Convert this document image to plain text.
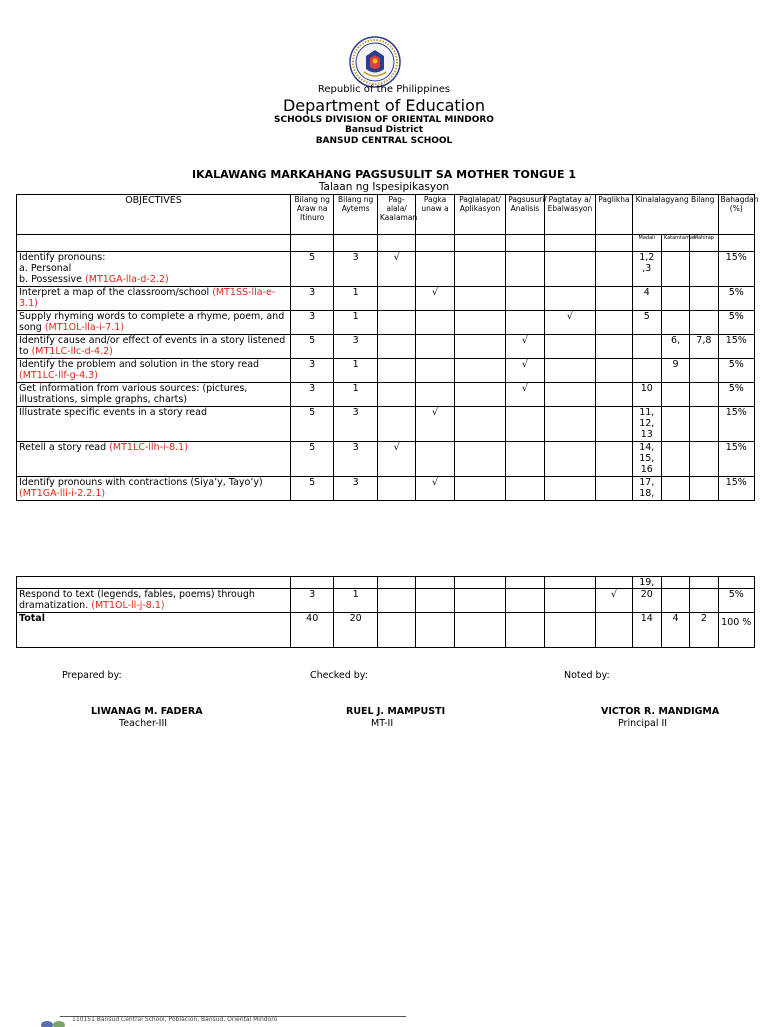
Republic of the Philippines
Department of Education
SCHOOLS DIVISION OF ORIENTAL MINDORO
Bansud District
BANSUD CENTRAL SCHOOL
IKALAWANG MARKAHANG PAGSUSULIT SA MOTHER TONGUE 1
Talaan ng Ispesipikasyon
OBJECTIVES	Bilang ng Araw na Itinuro	Bilang ng Aytems	Pag-alala/ Kaalaman	Pagka unaw a	Paglalapat/ Aplikasyon	Pagsusuri/ Analisis	Pagtatay a/ Ebalwasyon	Paglikha	Kinalalagyang Bilang			Bahagdan (%)
									Madali	Katamtaman	Mahirap	

Identify pronouns:
a. Personal
b. Possessive (MT1GA-lla-d-2.2)	5	3	√						1,2 ,3			15%
Interpret a map of the classroom/school (MT1SS-lla-e-3.1)	3	1		√					4			5%
Supply rhyming words to complete a rhyme, poem, and song (MT1OL-lla-i-7.1)	3	1					√		5			5%
Identify cause and/or effect of events in a story listened to (MT1LC-llc-d-4.2)	5	3				√				6,	7,8	15%
Identify the problem and solution in the story read (MT1LC-llf-g-4.3)	3	1				√				9		5%
Get information from various sources: (pictures, illustrations, simple graphs, charts)	3	1				√			10			5%
Illustrate specific events in a story read	5	3		√					11, 12, 13			15%
Retell a story read (MT1LC-llh-i-8.1)	5	3	√						14, 15, 16			15%
Identify pronouns with contractions (Siya’y, Tayo’y) (MT1GA-lli-i-2.2.1)	5	3		√					17, 18,			15%
									19,			
Respond to text (legends, fables, poems) through dramatization. (MT1OL-ll-j-8.1)	3	1						√	20			5%
Total	40	20							14	4	2	100 %
Prepared by:	Checked by:	Noted by:
LIWANAG M. FADERA
Teacher-III
RUEL J. MAMPUSTI
MT-II
VICTOR R. MANDIGMA
Principal II
110151 Bansud Central School, Poblacion, Bansud, Oriental Mindoro
